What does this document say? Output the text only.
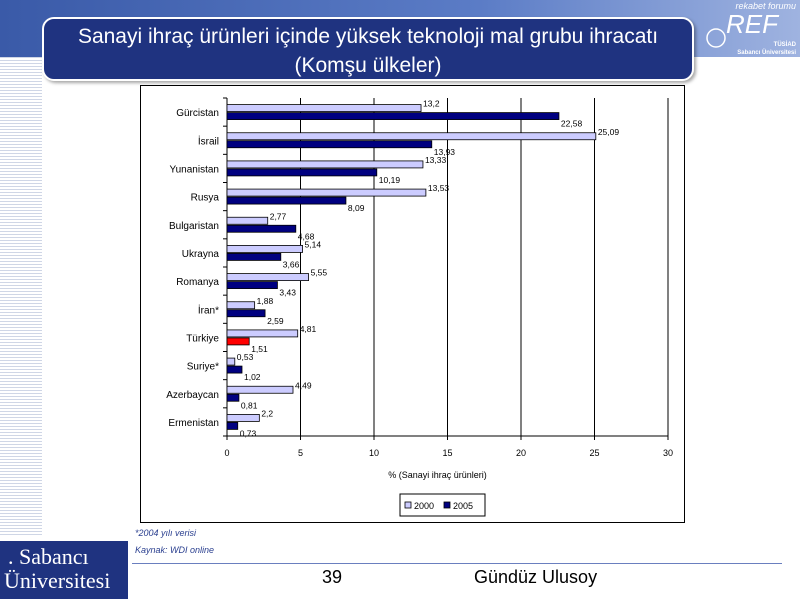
Sanayi ihraç ürünleri içinde yüksek teknoloji mal grubu ihracatı
(Komşu ülkeler)
rekabet forumu
REF
TÜSİAD
Sabancı Üniversitesi
0	5	10	15	20	25	30
Gürcistan
13,2
22,58
İsrail
25,09
13,93
Yunanistan
13,33
10,19
Rusya
13,53
8,09
Bulgaristan
2,77
4,68
Ukrayna
5,14
3,66
Romanya
5,55
3,43
İran*
1,88
2,59
Türkiye
4,81
1,51
Suriye*
0,53
1,02
Azerbaycan
4,49
0,81
Ermenistan
2,2
0,73
% (Sanayi ihraç ürünleri)
2000 2005
*2004 yılı verisi
Kaynak: WDI online
. Sabancı
Üniversitesi	39	Gündüz Ulusoy
